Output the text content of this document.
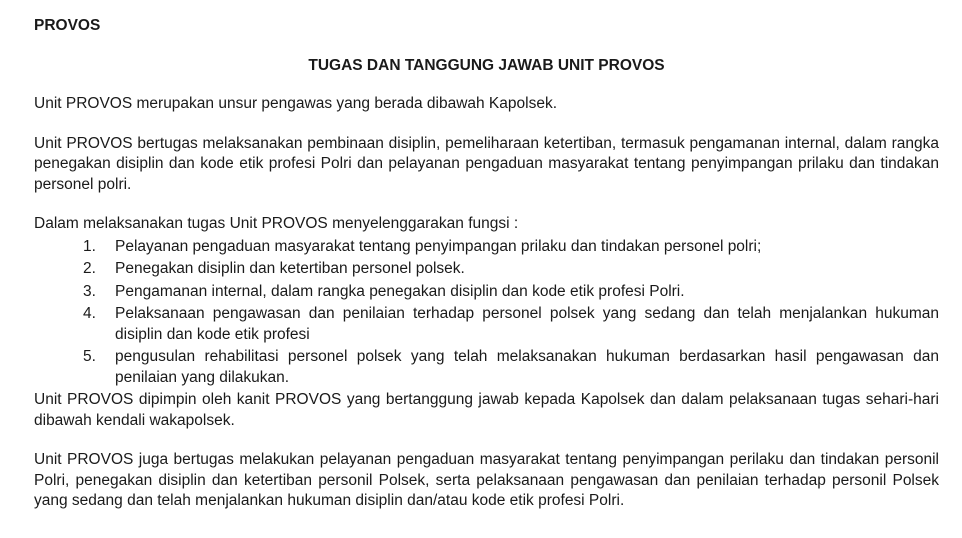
PROVOS
TUGAS DAN TANGGUNG JAWAB UNIT PROVOS

Unit PROVOS merupakan unsur pengawas yang berada dibawah Kapolsek.

Unit PROVOS bertugas melaksanakan pembinaan disiplin, pemeliharaan ketertiban, termasuk pengamanan internal, dalam rangka penegakan disiplin dan kode etik profesi Polri dan pelayanan pengaduan masyarakat tentang penyimpangan prilaku dan tindakan personel polri.

Dalam melaksanakan tugas Unit PROVOS menyelenggarakan fungsi :

1. Pelayanan pengaduan masyarakat tentang penyimpangan prilaku dan tindakan personel polri;
2. Penegakan disiplin dan ketertiban personel polsek.
3. Pengamanan internal, dalam rangka penegakan disiplin dan kode etik profesi Polri.
4. Pelaksanaan pengawasan dan penilaian terhadap personel polsek yang sedang dan telah menjalankan hukuman disiplin dan kode etik profesi
5. pengusulan rehabilitasi personel polsek yang telah melaksanakan hukuman berdasarkan hasil pengawasan dan penilaian yang dilakukan.

Unit PROVOS dipimpin oleh kanit PROVOS yang bertanggung jawab kepada Kapolsek dan dalam pelaksanaan tugas sehari-hari dibawah kendali wakapolsek.

Unit PROVOS juga bertugas melakukan pelayanan pengaduan masyarakat tentang penyimpangan perilaku dan tindakan personil Polri, penegakan disiplin dan ketertiban personil Polsek, serta pelaksanaan pengawasan dan penilaian terhadap personil Polsek yang sedang dan telah menjalankan hukuman disiplin dan/atau kode etik profesi Polri.
